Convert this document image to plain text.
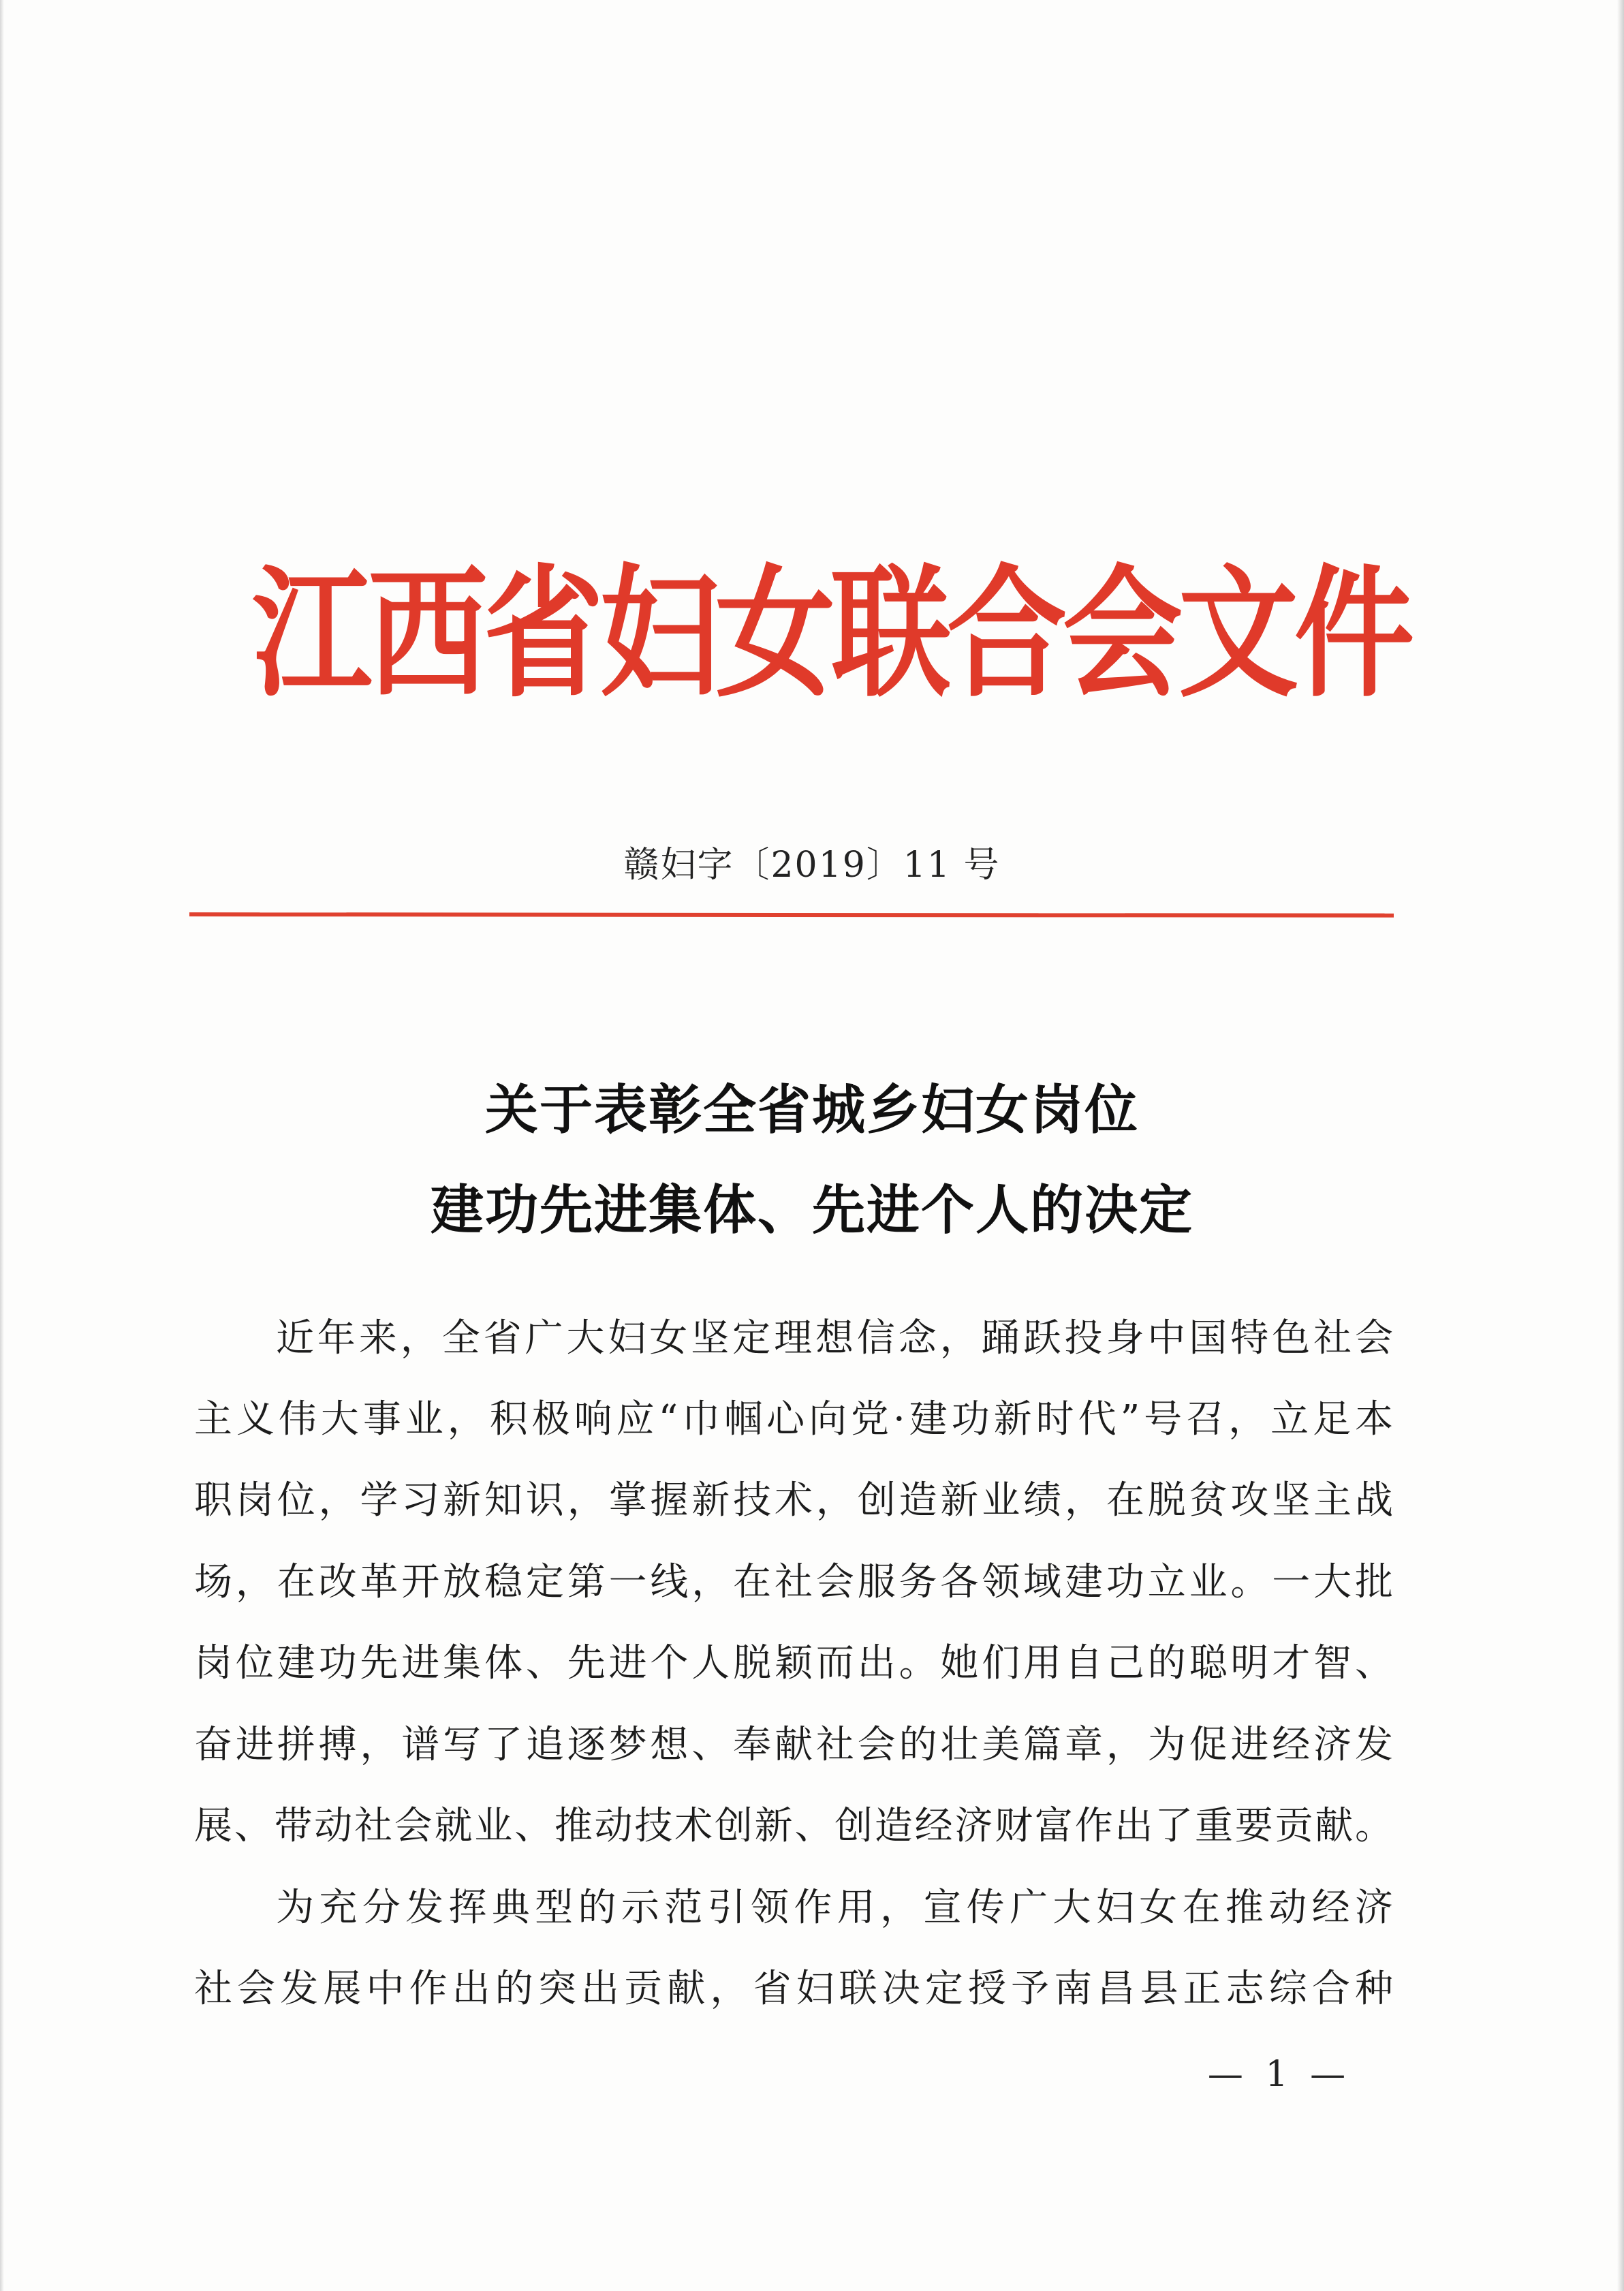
江西省妇女联合会文件
赣妇字〔2019〕11 号
关于表彰全省城乡妇女岗位
建功先进集体、先进个人的决定
近年来，全省广大妇女坚定理想信念，踊跃投身中国特色社会
主义伟大事业，积极响应“巾帼心向党·建功新时代”号召，立足本
职岗位，学习新知识，掌握新技术，创造新业绩，在脱贫攻坚主战
场，在改革开放稳定第一线，在社会服务各领域建功立业。一大批
岗位建功先进集体、先进个人脱颖而出。她们用自己的聪明才智、
奋进拼搏，谱写了追逐梦想、奉献社会的壮美篇章，为促进经济发
展、带动社会就业、推动技术创新、创造经济财富作出了重要贡献。
为充分发挥典型的示范引领作用，宣传广大妇女在推动经济
社会发展中作出的突出贡献，省妇联决定授予南昌县正志综合种
— 1 —
